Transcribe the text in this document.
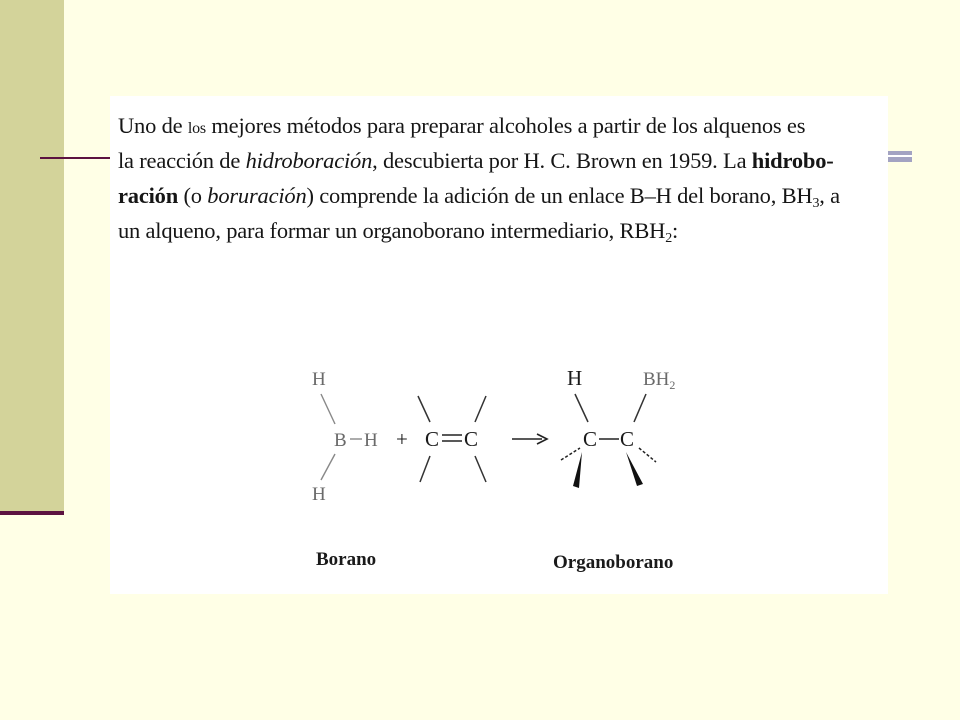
Uno de los mejores métodos para preparar alcoholes a partir de los alquenos es
la reacción de hidroboración, descubierta por H. C. Brown en 1959. La hidrobo-
ración (o boruración) comprende la adición de un enlace B–H del borano, $BH_3$, a
un alqueno, para formar un organoborano intermediario, $RBH_2$:
H
B H
H
+ C C
H
C C
$BH_2$
Borano	Organoborano
